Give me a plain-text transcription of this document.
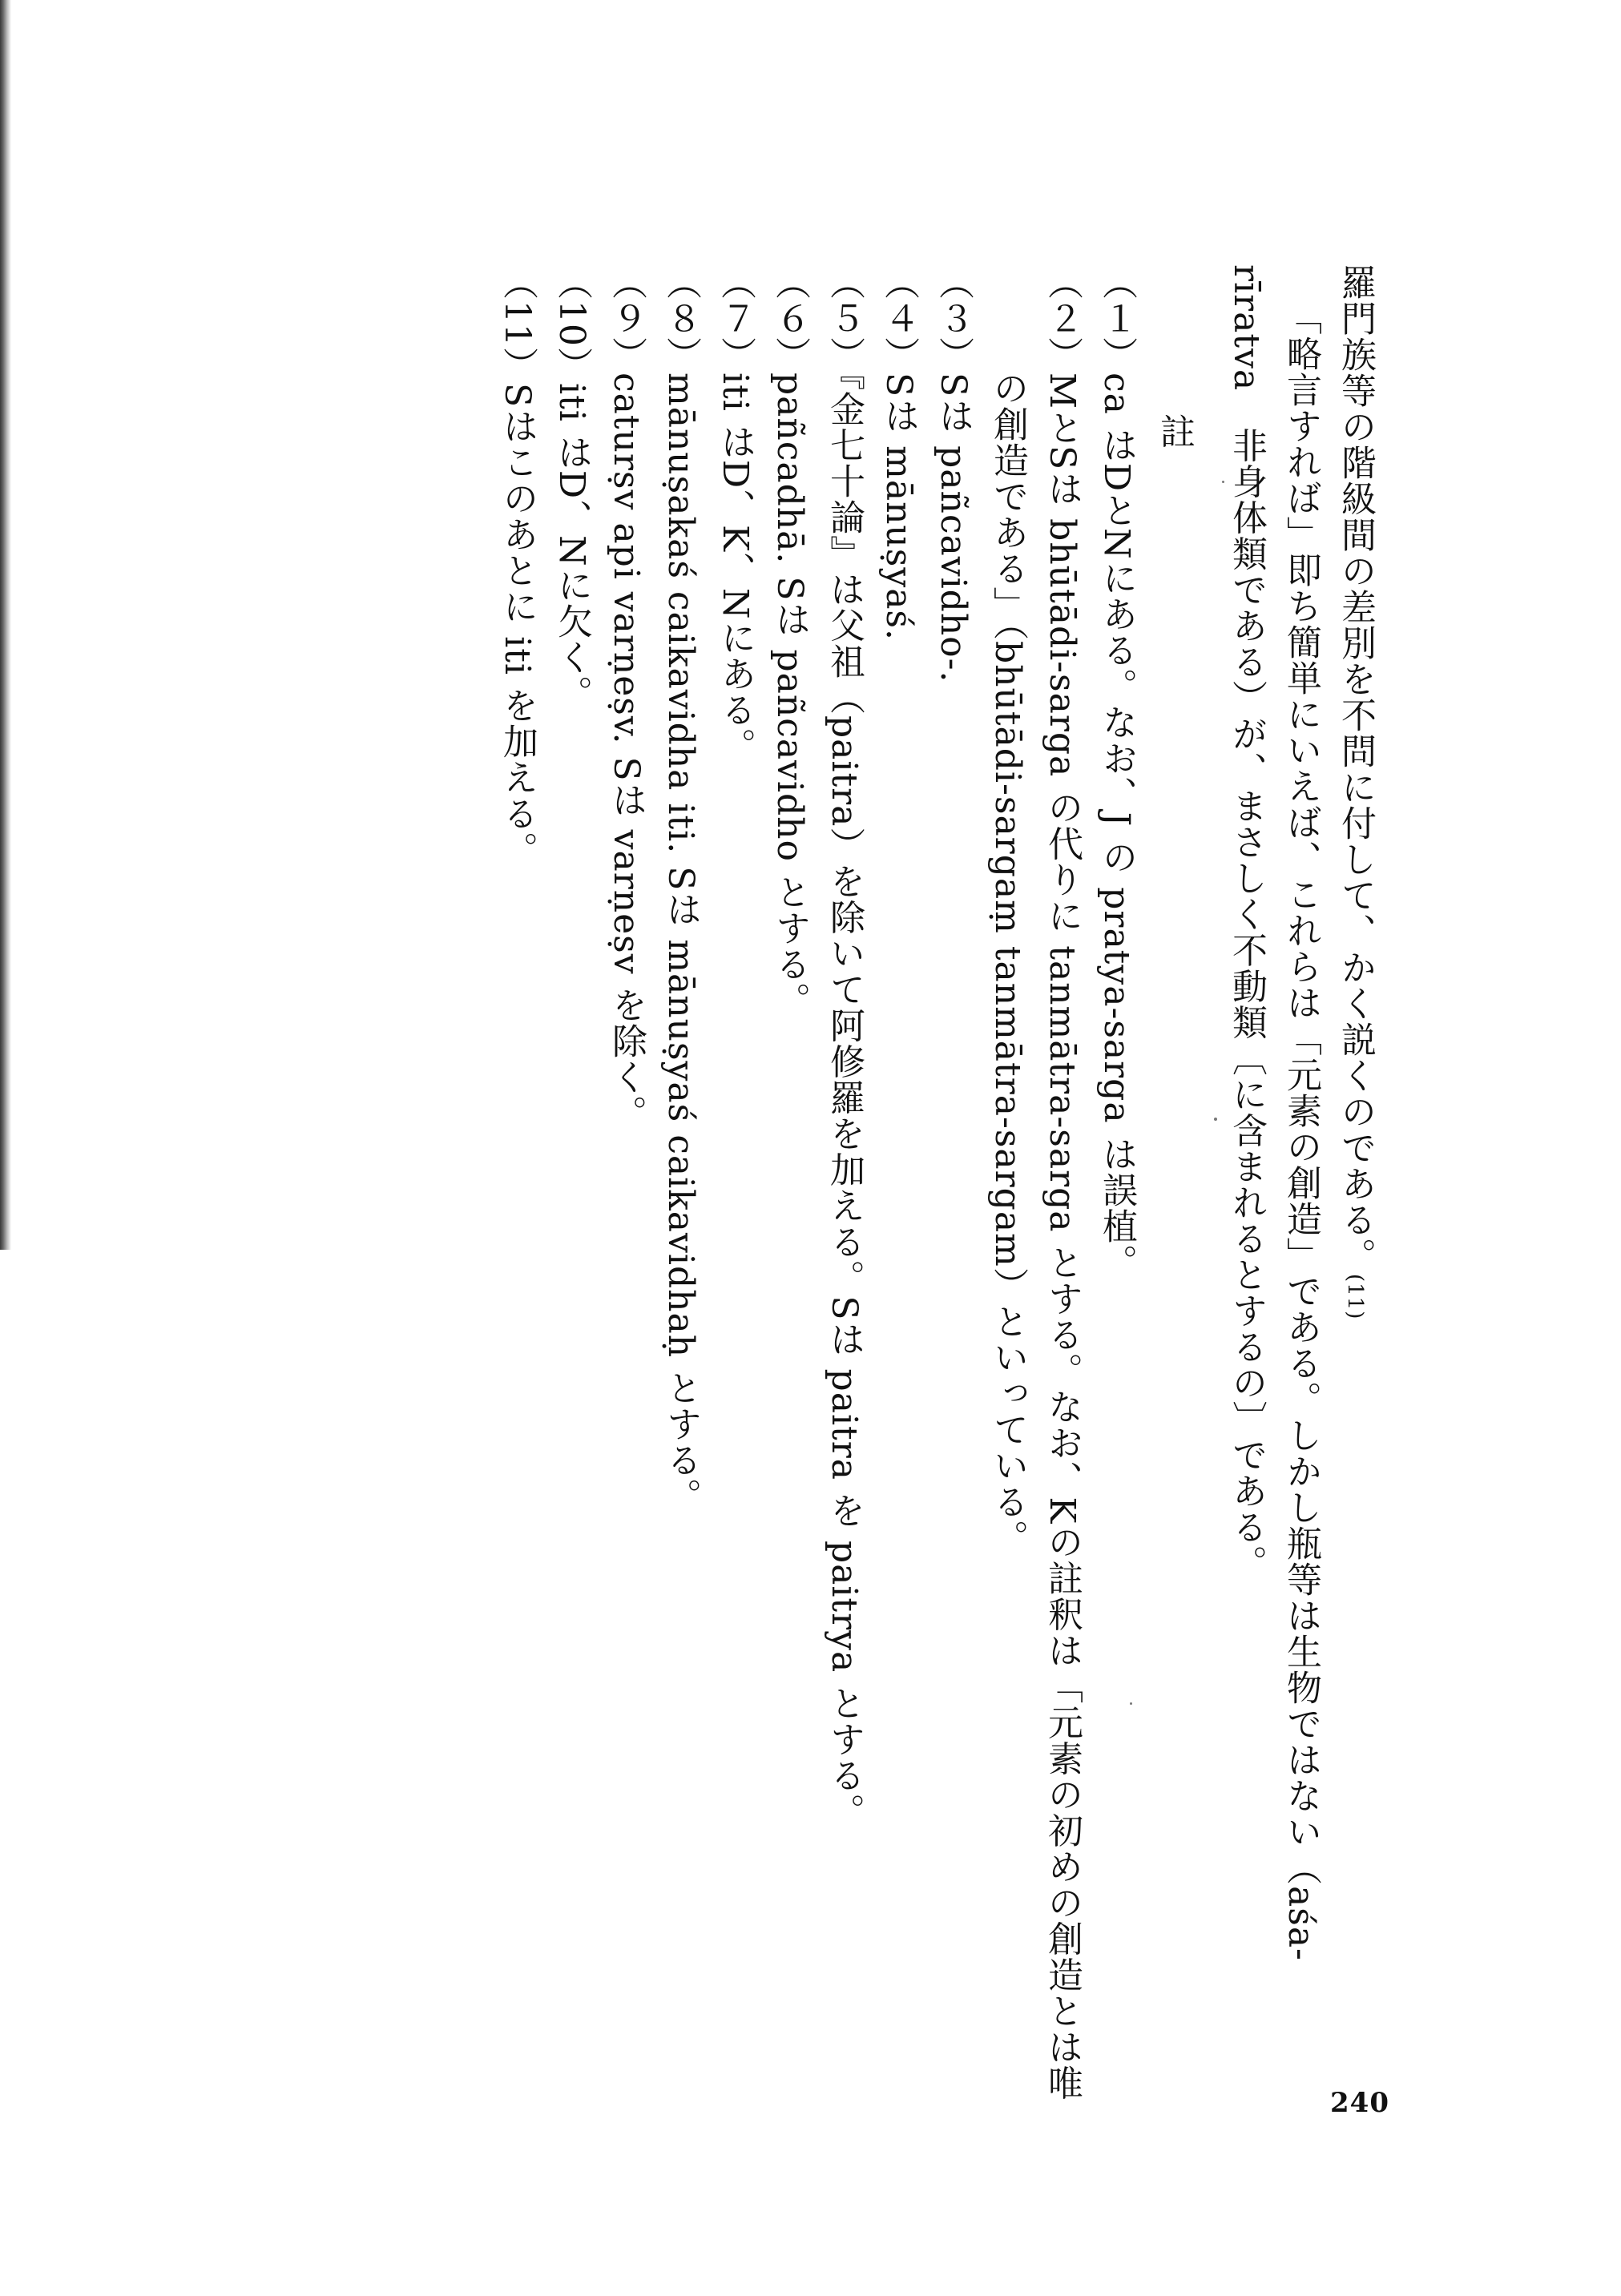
羅門族等の階級間の差別を不問に付して、かく説くのである。(11)
「略言すれば」即ち簡単にいえば、これらは「元素の創造」である。しかし瓶等は生物ではない（aśa-
rīratva　非身体類である）が、まさしく不動類〔に含まれるとするの〕である。
註
（１）ca はDとNにある。なお、J の pratya-sarga は誤植。
（２）MとSは bhūtādi-sarga の代りに tanmātra-sarga とする。なお、Kの註釈は「元素の初めの創造とは唯
の創造である」（bhūtādi-sargaṃ tanmātra-sargam）といっている。
（３）Sは pañcavidho-.
（４）Sは mānuṣyaś.
（５）『金七十論』は父祖（paitra）を除いて阿修羅を加える。Sは paitra を paitrya とする。
（６）pañcadhā. Sは pañcavidho とする。
（７）iti はD、K、Nにある。
（８）mānuṣakaś caikavidha iti. Sは mānuṣyaś caikavidhaḥ とする。
（９）caturṣv api varṇeṣv. Sは varṇeṣv を除く。
（10）iti はD、Nに欠く。
（11）Sはこのあとに iti を加える。
240
